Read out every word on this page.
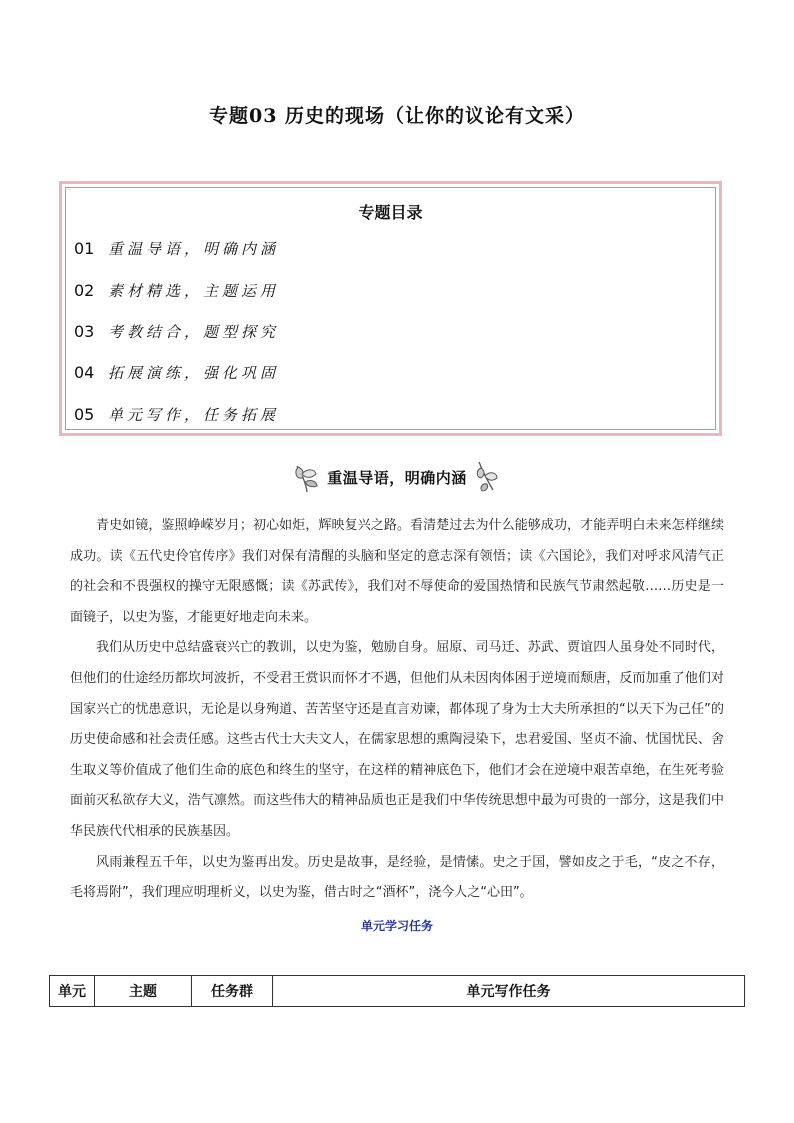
专题03 历史的现场（让你的议论有文采）
专题目录
01 重温导语，明确内涵
02 素材精选，主题运用
03 考教结合，题型探究
04 拓展演练，强化巩固
05 单元写作，任务拓展
重温导语，明确内涵

青史如镜，鉴照峥嵘岁月；初心如炬，辉映复兴之路。看清楚过去为什么能够成功，才能弄明白未来怎样继续成功。读《五代史伶官传序》我们对保有清醒的头脑和坚定的意志深有领悟；读《六国论》，我们对呼求风清气正的社会和不畏强权的操守无限感慨；读《苏武传》，我们对不辱使命的爱国热情和民族气节肃然起敬……历史是一面镜子，以史为鉴，才能更好地走向未来。

我们从历史中总结盛衰兴亡的教训，以史为鉴，勉励自身。屈原、司马迁、苏武、贾谊四人虽身处不同时代，但他们的仕途经历都坎坷波折，不受君王赏识而怀才不遇，但他们从未因肉体困于逆境而颓唐，反而加重了他们对国家兴亡的忧患意识，无论是以身殉道、苦苦坚守还是直言劝谏，都体现了身为士大夫所承担的“以天下为己任”的历史使命感和社会责任感。这些古代士大夫文人，在儒家思想的熏陶浸染下，忠君爱国、坚贞不渝、忧国忧民、舍生取义等价值成了他们生命的底色和终生的坚守，在这样的精神底色下，他们才会在逆境中艰苦卓绝，在生死考验面前灭私欲存大义，浩气凛然。而这些伟大的精神品质也正是我们中华传统思想中最为可贵的一部分，这是我们中华民族代代相承的民族基因。

风雨兼程五千年，以史为鉴再出发。历史是故事，是经验，是情愫。史之于国，譬如皮之于毛，“皮之不存，毛将焉附”，我们理应明理析义，以史为鉴，借古时之“酒杯”，浇今人之“心田”。

单元学习任务
单元	主题	任务群	单元写作任务
